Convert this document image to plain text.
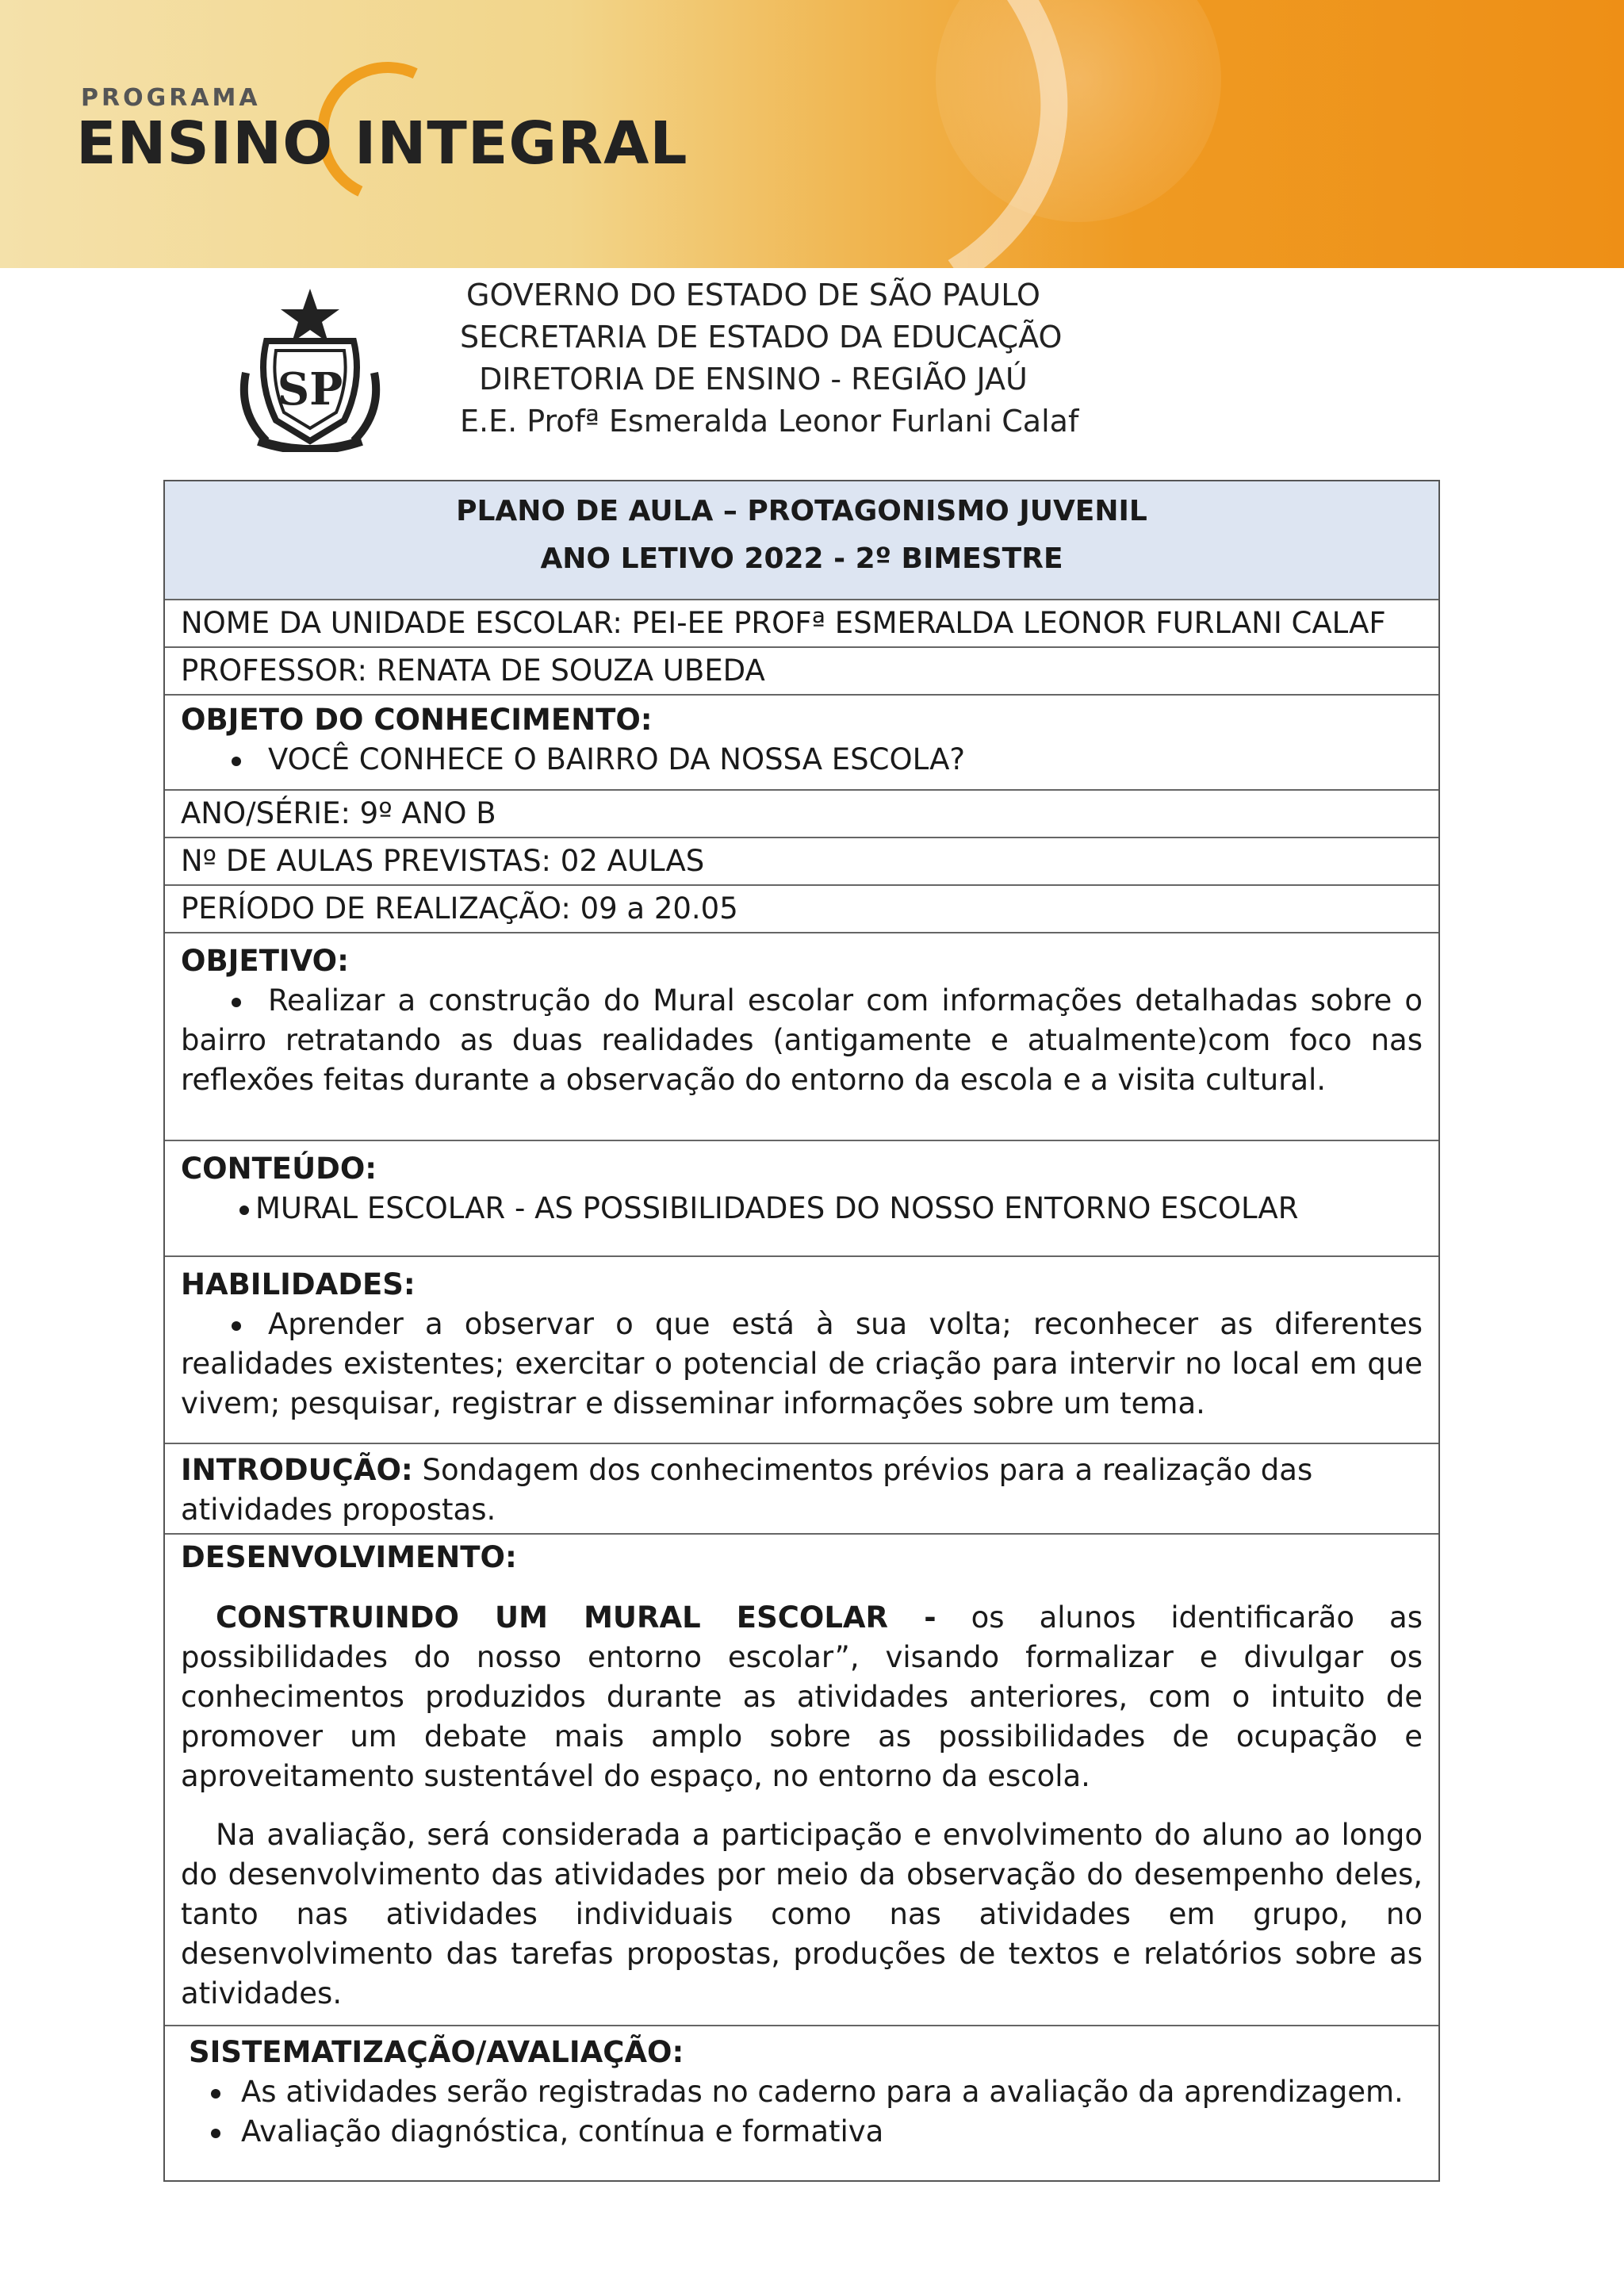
PROGRAMA
ENSINO INTEGRAL
SP
GOVERNO DO ESTADO DE SÃO PAULO
SECRETARIA DE ESTADO DA EDUCAÇÃO
DIRETORIA DE ENSINO - REGIÃO JAÚ
E.E. Profª Esmeralda Leonor Furlani Calaf
PLANO DE AULA – PROTAGONISMO JUVENIL
ANO LETIVO 2022 - 2º BIMESTRE
NOME DA UNIDADE ESCOLAR: PEI-EE PROFª ESMERALDA LEONOR FURLANI CALAF
PROFESSOR: RENATA DE SOUZA UBEDA
OBJETO DO CONHECIMENTO:
VOCÊ CONHECE O BAIRRO DA NOSSA ESCOLA?
ANO/SÉRIE: 9º ANO B
Nº DE AULAS PREVISTAS: 02 AULAS
PERÍODO DE REALIZAÇÃO: 09 a 20.05
OBJETIVO:
Realizar a construção do Mural escolar com informações detalhadas sobre o bairro retratando as duas realidades (antigamente e atualmente)com foco nas reflexões feitas durante a observação do entorno da escola e a visita cultural.
CONTEÚDO:
MURAL ESCOLAR - AS POSSIBILIDADES DO NOSSO ENTORNO ESCOLAR
HABILIDADES:
Aprender a observar o que está à sua volta; reconhecer as diferentes realidades existentes; exercitar o potencial de criação para intervir no local em que vivem; pesquisar, registrar e disseminar informações sobre um tema.
INTRODUÇÃO: Sondagem dos conhecimentos prévios para a realização das atividades propostas.
DESENVOLVIMENTO:
CONSTRUINDO UM MURAL ESCOLAR - os alunos identificarão as possibilidades do nosso entorno escolar”, visando formalizar e divulgar os conhecimentos produzidos durante as atividades anteriores, com o intuito de promover um debate mais amplo sobre as possibilidades de ocupação e aproveitamento sustentável do espaço, no entorno da escola.
Na avaliação, será considerada a participação e envolvimento do aluno ao longo do desenvolvimento das atividades por meio da observação do desempenho deles, tanto nas atividades individuais como nas atividades em grupo, no desenvolvimento das tarefas propostas, produções de textos e relatórios sobre as atividades.
SISTEMATIZAÇÃO/AVALIAÇÃO:
As atividades serão registradas no caderno para a avaliação da aprendizagem.
Avaliação diagnóstica, contínua e formativa
